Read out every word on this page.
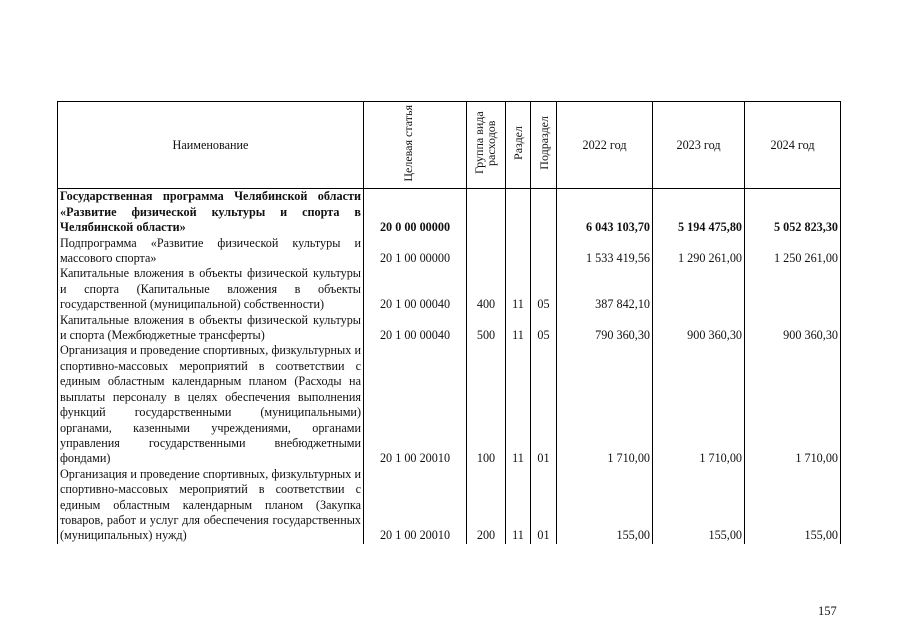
Наименование	Целевая статья	Группа вида расходов	Раздел	Подраздел	2022 год	2023 год	2024 год
Государственная программа Челябинской области «Развитие физической культуры и спорта в Челябинской области»	20 0 00 00000				6 043 103,70	5 194 475,80	5 052 823,30
Подпрограмма «Развитие физической культуры и массового спорта»	20 1 00 00000				1 533 419,56	1 290 261,00	1 250 261,00
Капитальные вложения в объекты физической культуры и спорта (Капитальные вложения в объекты государственной (муниципальной) собственности)	20 1 00 00040	400	11	05	387 842,10		
Капитальные вложения в объекты физической культуры и спорта (Межбюджетные трансферты)	20 1 00 00040	500	11	05	790 360,30	900 360,30	900 360,30
Организация и проведение спортивных, физкультурных и спортивно-массовых мероприятий в соответствии с единым областным календарным планом (Расходы на выплаты персоналу в целях обеспечения выполнения функций государственными (муниципальными) органами, казенными учреждениями, органами управления государственными внебюджетными фондами)	20 1 00 20010	100	11	01	1 710,00	1 710,00	1 710,00
Организация и проведение спортивных, физкультурных и спортивно-массовых мероприятий в соответствии с единым областным календарным планом (Закупка товаров, работ и услуг для обеспечения государственных (муниципальных) нужд)	20 1 00 20010	200	11	01	155,00	155,00	155,00
157
